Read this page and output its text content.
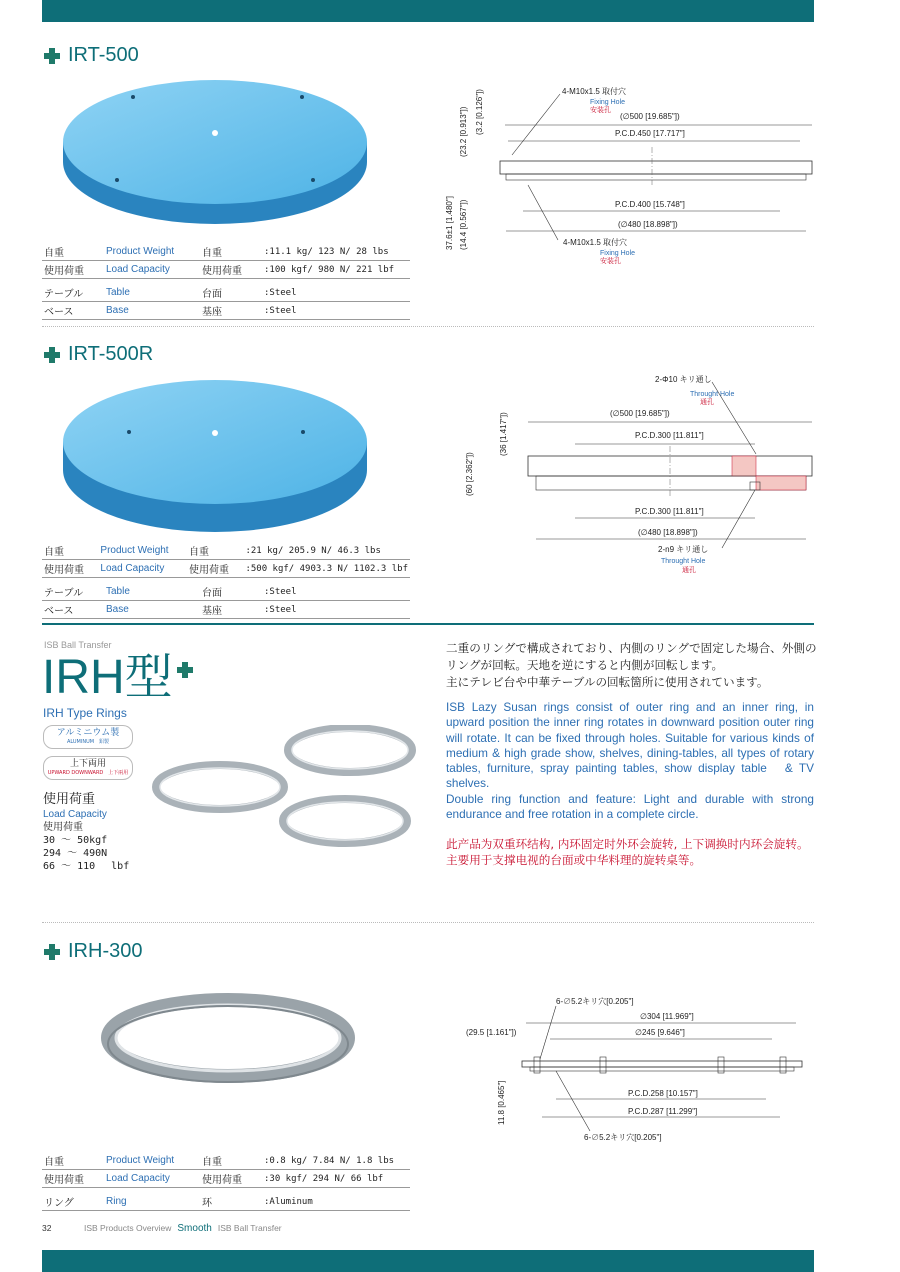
IRT-500
自重	Product Weight	自重	:11.1 kg/ 123 N/ 28 lbs
使用荷重	Load Capacity	使用荷重	:100 kgf/ 980 N/ 221 lbf
テーブル	Table	台面	:Steel
ベース	Base	基座	:Steel
4-M10x1.5 取付穴
Fixing Hole
安装孔
(∅500 [19.685"])
P.C.D.450 [17.717"]
P.C.D.400 [15.748"]
(∅480 [18.898"])
4-M10x1.5 取付穴
Fixing Hole
安装孔
(23.2 [0.913"]) (3.2 [0.126"])
37.6±1 [1.480"] (14.4 [0.567"])
IRT-500R
自重	Product Weight	自重	:21 kg/ 205.9 N/ 46.3 lbs
使用荷重	Load Capacity	使用荷重	:500 kgf/ 4903.3 N/ 1102.3 lbf
テーブル	Table	台面	:Steel
ベース	Base	基座	:Steel
2-Φ10 キリ通し
Throught Hole
通孔
(∅500 [19.685"])
P.C.D.300 [11.811"]
P.C.D.300 [11.811"]
(∅480 [18.898"])
2-n9 キリ通し
Throught Hole
通孔
(36 [1.417"])
(60 [2.362"])
ISB Ball Transfer
IRH型
IRH Type Rings
アルミニウム製
ALUMINUM　鋁製
上下両用
UPWARD DOWNWARD　上下兩用
使用荷重
Load Capacity
使用荷重
30 ～ 50kgf
294 ～ 490N
66 ～ 110　 lbf
二重のリングで構成されており、内側のリングで固定した場合、外側の
リングが回転。天地を逆にすると内側が回転します。
主にテレビ台や中華テーブルの回転箇所に使用されています。
ISB Lazy Susan rings consist of outer ring and an inner ring, in upward position the inner ring rotates in downward position outer ring will rotate. It can be fixed through holes. Suitable for various kinds of medium & high grade show, shelves, dining-tables, all types of rotary tables, furniture, spray painting tables, show display table　& TV shelves.
Double ring function and feature: Light and durable with strong endurance and free rotation in a complete circle.
此产品为双重环结构, 内环固定时外环会旋转, 上下调换时内环会旋转。
主要用于支撑电视的台面或中华料理的旋转桌等。
IRH-300
6-∅5.2キリ穴[0.205"]
∅304 [11.969"]
(29.5 [1.161"])	∅245 [9.646"]
P.C.D.258 [10.157"]
P.C.D.287 [11.299"]
6-∅5.2キリ穴[0.205"]
11.8 [0.465"]
自重	Product Weight	自重	:0.8 kg/ 7.84 N/ 1.8 lbs
使用荷重	Load Capacity	使用荷重	:30 kgf/ 294 N/ 66 lbf
リング	Ring	环	:Aluminum
32	ISB Products Overview Smooth ISB Ball Transfer
